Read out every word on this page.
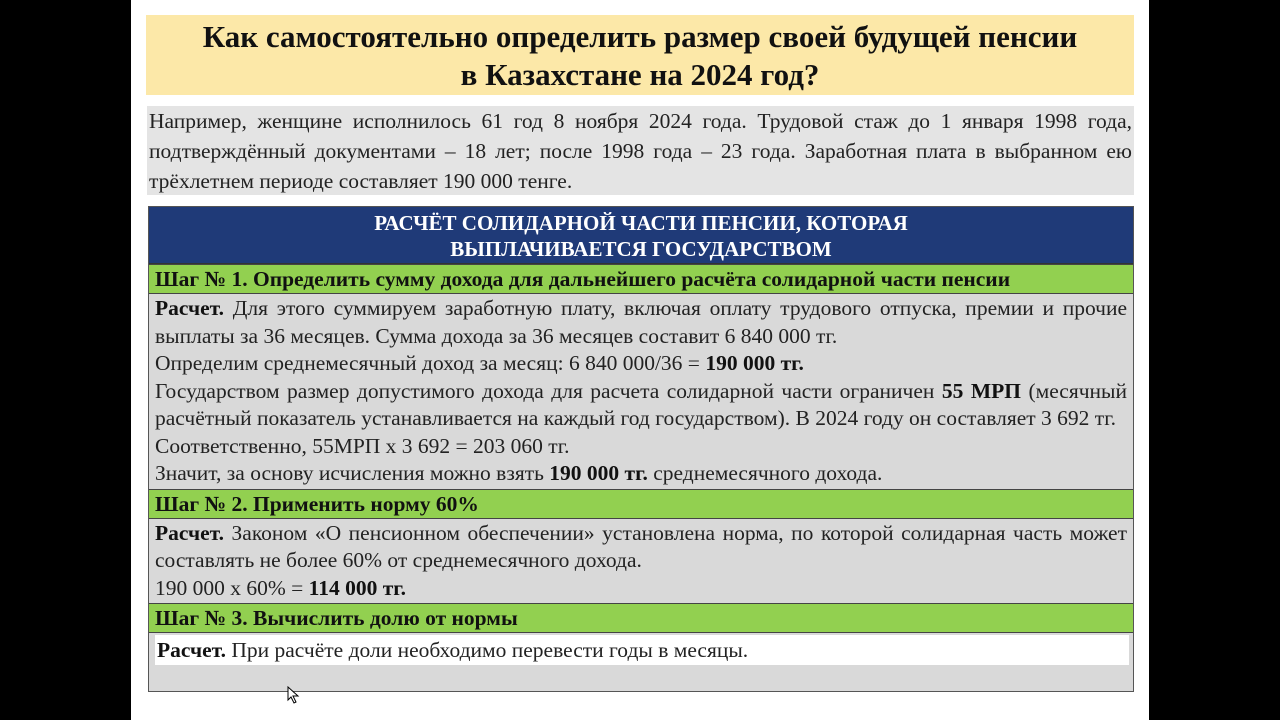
Как самостоятельно определить размер своей будущей пенсии
в Казахстане на 2024 год?
Например, женщине исполнилось 61 год 8 ноября 2024 года. Трудовой стаж до 1 января 1998 года, подтверждённый документами – 18 лет; после 1998 года – 23 года. Заработная плата в выбранном ею трёхлетнем периоде составляет 190 000 тенге.
РАСЧЁТ СОЛИДАРНОЙ ЧАСТИ ПЕНСИИ, КОТОРАЯ
ВЫПЛАЧИВАЕТСЯ ГОСУДАРСТВОМ
Шаг № 1. Определить сумму дохода для дальнейшего расчёта солидарной части пенсии

Расчет. Для этого суммируем заработную плату, включая оплату трудового отпуска, премии и прочие выплаты за 36 месяцев. Сумма дохода за 36 месяцев составит 6 840 000 тг.

Определим среднемесячный доход за месяц: 6 840 000/36 = 190 000 тг.

Государством размер допустимого дохода для расчета солидарной части ограничен 55 МРП (месячный расчётный показатель устанавливается на каждый год государством). В 2024 году он составляет 3 692 тг.

Соответственно, 55МРП х 3 692 = 203 060 тг.

Значит, за основу исчисления можно взять 190 000 тг. среднемесячного дохода.

Шаг № 2. Применить норму 60%

Расчет. Законом «О пенсионном обеспечении» установлена норма, по которой солидарная часть может составлять не более 60% от среднемесячного дохода.

190 000 х 60% = 114 000 тг.

Шаг № 3. Вычислить долю от нормы
Расчет. При расчёте доли необходимо перевести годы в месяцы.
